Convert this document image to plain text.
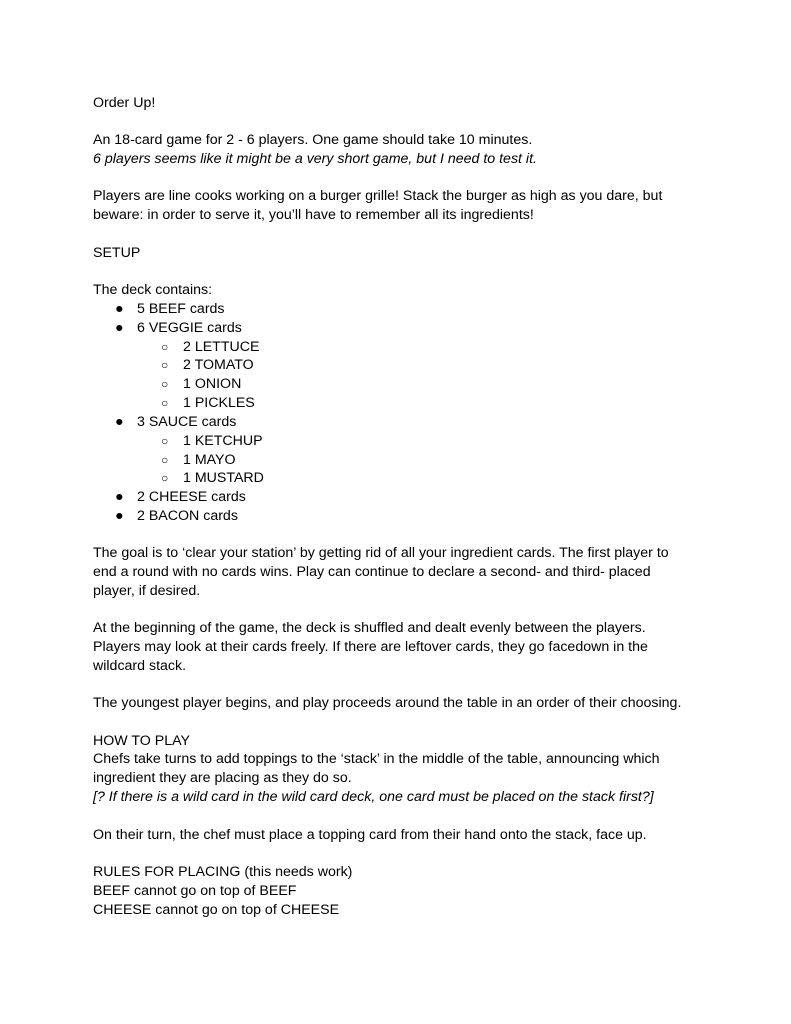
Order Up!
An 18-card game for 2 - 6 players. One game should take 10 minutes.
6 players seems like it might be a very short game, but I need to test it.
Players are line cooks working on a burger grille! Stack the burger as high as you dare, but
beware: in order to serve it, you’ll have to remember all its ingredients!
SETUP
The deck contains:
● 5 BEEF cards
● 6 VEGGIE cards
○ 2 LETTUCE
○ 2 TOMATO
○ 1 ONION
○ 1 PICKLES
● 3 SAUCE cards
○ 1 KETCHUP
○ 1 MAYO
○ 1 MUSTARD
● 2 CHEESE cards
● 2 BACON cards
The goal is to ‘clear your station’ by getting rid of all your ingredient cards. The first player to
end a round with no cards wins. Play can continue to declare a second- and third- placed
player, if desired.
At the beginning of the game, the deck is shuffled and dealt evenly between the players.
Players may look at their cards freely. If there are leftover cards, they go facedown in the
wildcard stack.
The youngest player begins, and play proceeds around the table in an order of their choosing.
HOW TO PLAY
Chefs take turns to add toppings to the ‘stack’ in the middle of the table, announcing which
ingredient they are placing as they do so.
[? If there is a wild card in the wild card deck, one card must be placed on the stack first?]
On their turn, the chef must place a topping card from their hand onto the stack, face up.
RULES FOR PLACING (this needs work)
BEEF cannot go on top of BEEF
CHEESE cannot go on top of CHEESE
